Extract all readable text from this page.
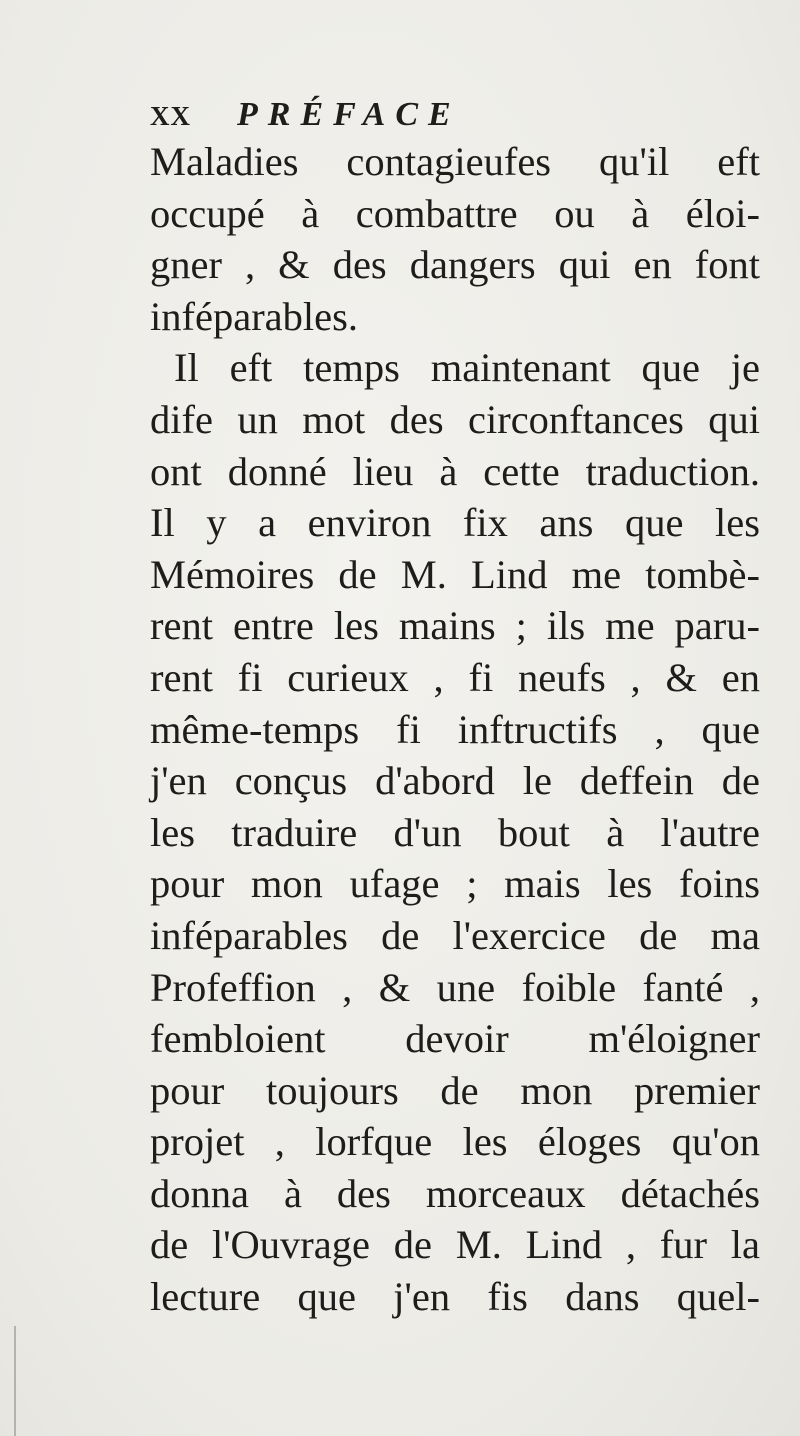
XX PRÉFACE
Maladies contagieufes qu'il eft
occupé à combattre ou à éloi-
gner , & des dangers qui en font
inféparables.
Il eft temps maintenant que je
dife un mot des circonftances qui
ont donné lieu à cette traduction.
Il y a environ fix ans que les
Mémoires de M. Lind me tombè-
rent entre les mains ; ils me paru-
rent fi curieux , fi neufs , & en
même-temps fi inftructifs , que
j'en conçus d'abord le deffein de
les traduire d'un bout à l'autre
pour mon ufage ; mais les foins
inféparables de l'exercice de ma
Profeffion , & une foible fanté ,
fembloient devoir m'éloigner
pour toujours de mon premier
projet , lorfque les éloges qu'on
donna à des morceaux détachés
de l'Ouvrage de M. Lind , fur la
lecture que j'en fis dans quel-
